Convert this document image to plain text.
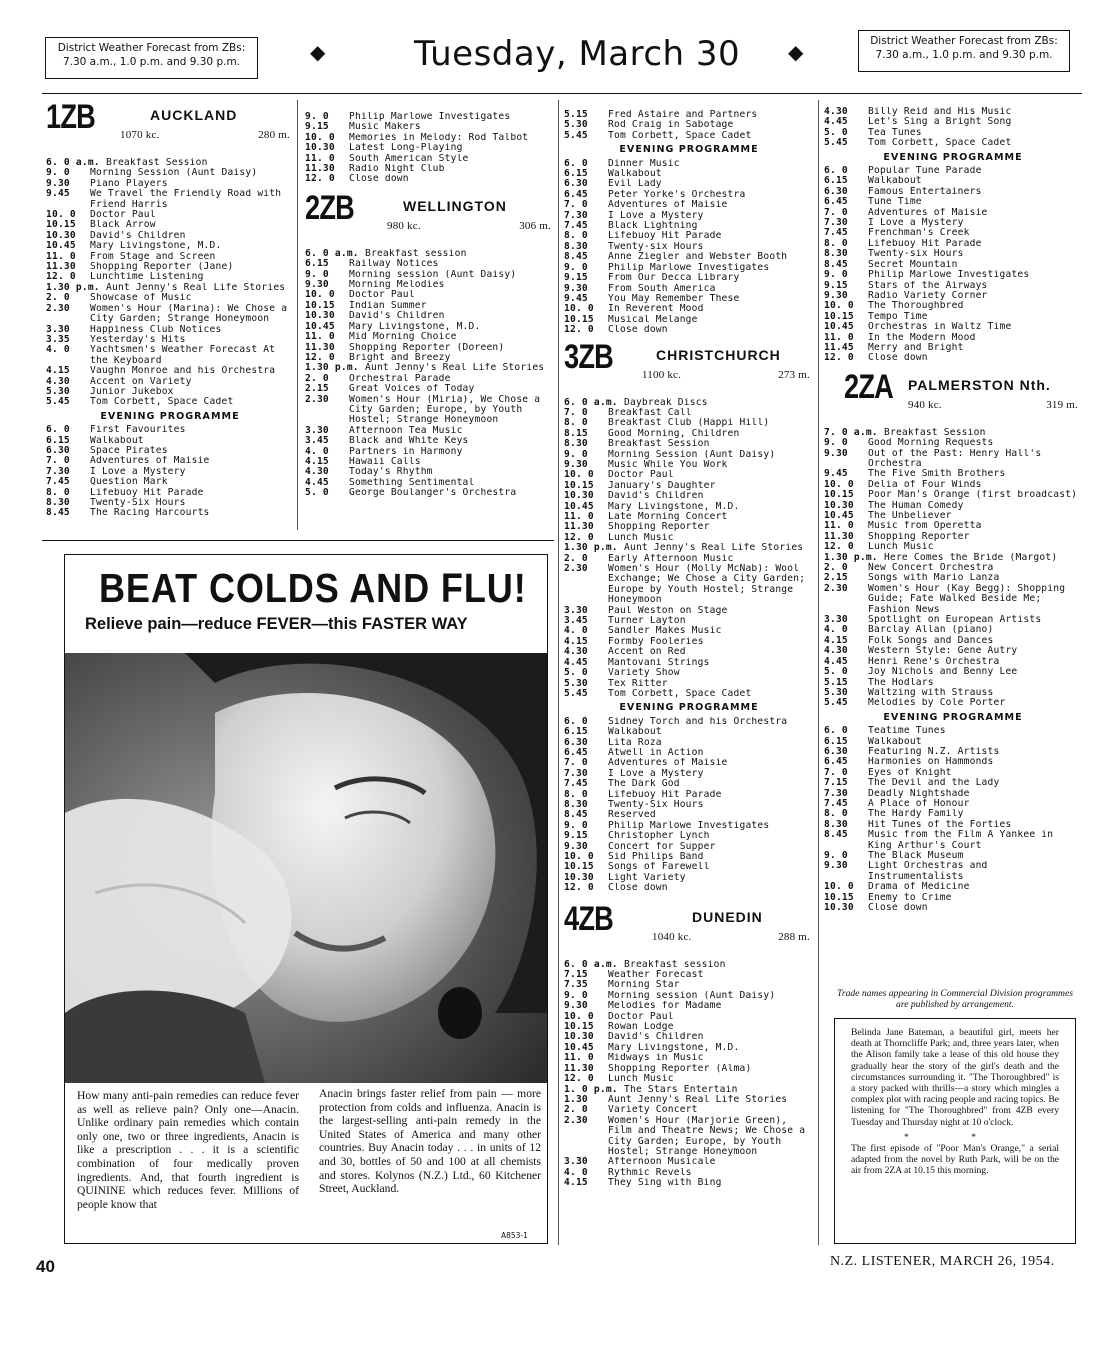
District Weather Forecast from ZBs:
7.30 a.m., 1.0 p.m. and 9.30 p.m.	◆	Tuesday, March 30 ◆	District Weather Forecast from ZBs:
7.30 a.m., 1.0 p.m. and 9.30 p.m.
1ZB	AUCKLAND
1070 kc.	280 m.
6. 0 a.m. Breakfast Session
9. 0	Morning Session (Aunt Daisy)
9.30	Piano Players
9.45	We Travel the Friendly Road with Friend Harris
10. 0	Doctor Paul
10.15	Black Arrow
10.30	David's Children
10.45	Mary Livingstone, M.D.
11. 0	From Stage and Screen
11.30	Shopping Reporter (Jane)
12. 0	Lunchtime Listening
1.30 p.m. Aunt Jenny's Real Life Stories
2. 0	Showcase of Music
2.30	Women's Hour (Marina): We Chose a City Garden; Strange Honeymoon
3.30	Happiness Club Notices
3.35	Yesterday's Hits
4. 0	Yachtsmen's Weather Forecast At the Keyboard
4.15	Vaughn Monroe and his Orchestra
4.30	Accent on Variety
5.30	Junior Jukebox
5.45	Tom Corbett, Space Cadet
EVENING PROGRAMME
6. 0	First Favourites
6.15	Walkabout
6.30	Space Pirates
7. 0	Adventures of Maisie
7.30	I Love a Mystery
7.45	Question Mark
8. 0	Lifebuoy Hit Parade
8.30	Twenty-Six Hours
8.45	The Racing Harcourts
9. 0	Philip Marlowe Investigates
9.15	Music Makers
10. 0	Memories in Melody: Rod Talbot
10.30	Latest Long-Playing
11. 0	South American Style
11.30	Radio Night Club
12. 0	Close down
2ZB	WELLINGTON
980 kc.	306 m.
6. 0 a.m. Breakfast session
6.15	Railway Notices
9. 0	Morning session (Aunt Daisy)
9.30	Morning Melodies
10. 0	Doctor Paul
10.15	Indian Summer
10.30	David's Children
10.45	Mary Livingstone, M.D.
11. 0	Mid Morning Choice
11.30	Shopping Reporter (Doreen)
12. 0	Bright and Breezy
1.30 p.m. Aunt Jenny's Real Life Stories
2. 0	Orchestral Parade
2.15	Great Voices of Today
2.30	Women's Hour (Miria), We Chose a City Garden; Europe, by Youth Hostel; Strange Honeymoon
3.30	Afternoon Tea Music
3.45	Black and White Keys
4. 0	Partners in Harmony
4.15	Hawaii Calls
4.30	Today's Rhythm
4.45	Something Sentimental
5. 0	George Boulanger's Orchestra
5.15	Fred Astaire and Partners
5.30	Rod Craig in Sabotage
5.45	Tom Corbett, Space Cadet
EVENING PROGRAMME
6. 0	Dinner Music
6.15	Walkabout
6.30	Evil Lady
6.45	Peter Yorke's Orchestra
7. 0	Adventures of Maisie
7.30	I Love a Mystery
7.45	Black Lightning
8. 0	Lifebuoy Hit Parade
8.30	Twenty-six Hours
8.45	Anne Ziegler and Webster Booth
9. 0	Philip Marlowe Investigates
9.15	From Our Decca Library
9.30	From South America
9.45	You May Remember These
10. 0	In Reverent Mood
10.15	Musical Melange
12. 0	Close down
3ZB	CHRISTCHURCH
1100 kc.	273 m.
6. 0 a.m. Daybreak Discs
7. 0	Breakfast Call
8. 0	Breakfast Club (Happi Hill)
8.15	Good Morning, Children
8.30	Breakfast Session
9. 0	Morning Session (Aunt Daisy)
9.30	Music While You Work
10. 0	Doctor Paul
10.15	January's Daughter
10.30	David's Children
10.45	Mary Livingstone, M.D.
11. 0	Late Morning Concert
11.30	Shopping Reporter
12. 0	Lunch Music
1.30 p.m. Aunt Jenny's Real Life Stories
2. 0	Early Afternoon Music
2.30	Women's Hour (Molly McNab): Wool Exchange; We Chose a City Garden; Europe by Youth Hostel; Strange Honeymoon
3.30	Paul Weston on Stage
3.45	Turner Layton
4. 0	Sandler Makes Music
4.15	Formby Fooleries
4.30	Accent on Red
4.45	Mantovani Strings
5. 0	Variety Show
5.30	Tex Ritter
5.45	Tom Corbett, Space Cadet
EVENING PROGRAMME
6. 0	Sidney Torch and his Orchestra
6.15	Walkabout
6.30	Lita Roza
6.45	Atwell in Action
7. 0	Adventures of Maisie
7.30	I Love a Mystery
7.45	The Dark God
8. 0	Lifebuoy Hit Parade
8.30	Twenty-Six Hours
8.45	Reserved
9. 0	Philip Marlowe Investigates
9.15	Christopher Lynch
9.30	Concert for Supper
10. 0	Sid Philips Band
10.15	Songs of Farewell
10.30	Light Variety
12. 0	Close down
4ZB	DUNEDIN
1040 kc.	288 m.
6. 0 a.m. Breakfast session
7.15	Weather Forecast
7.35	Morning Star
9. 0	Morning session (Aunt Daisy)
9.30	Melodies for Madame
10. 0	Doctor Paul
10.15	Rowan Lodge
10.30	David's Children
10.45	Mary Livingstone, M.D.
11. 0	Midways in Music
11.30	Shopping Reporter (Alma)
12. 0	Lunch Music
1. 0 p.m. The Stars Entertain
1.30	Aunt Jenny's Real Life Stories
2. 0	Variety Concert
2.30	Women's Hour (Marjorie Green), Film and Theatre News; We Chose a City Garden; Europe, by Youth Hostel; Strange Honeymoon
3.30	Afternoon Musicale
4. 0	Rythmic Revels
4.15	They Sing with Bing
4.30	Billy Reid and His Music
4.45	Let's Sing a Bright Song
5. 0	Tea Tunes
5.45	Tom Corbett, Space Cadet
EVENING PROGRAMME
6. 0	Popular Tune Parade
6.15	Walkabout
6.30	Famous Entertainers
6.45	Tune Time
7. 0	Adventures of Maisie
7.30	I Love a Mystery
7.45	Frenchman's Creek
8. 0	Lifebuoy Hit Parade
8.30	Twenty-six Hours
8.45	Secret Mountain
9. 0	Philip Marlowe Investigates
9.15	Stars of the Airways
9.30	Radio Variety Corner
10. 0	The Thoroughbred
10.15	Tempo Time
10.45	Orchestras in Waltz Time
11. 0	In the Modern Mood
11.45	Merry and Bright
12. 0	Close down
2ZA PALMERSTON Nth.
940 kc.	319 m.
7. 0 a.m. Breakfast Session
9. 0	Good Morning Requests
9.30	Out of the Past: Henry Hall's Orchestra
9.45	The Five Smith Brothers
10. 0	Delia of Four Winds
10.15	Poor Man's Orange (first broadcast)
10.30	The Human Comedy
10.45	The Unbeliever
11. 0	Music from Operetta
11.30	Shopping Reporter
12. 0	Lunch Music
1.30 p.m. Here Comes the Bride (Margot)
2. 0	New Concert Orchestra
2.15	Songs with Mario Lanza
2.30	Women's Hour (Kay Begg): Shopping Guide; Fate Walked Beside Me; Fashion News
3.30	Spotlight on European Artists
4. 0	Barclay Allan (piano)
4.15	Folk Songs and Dances
4.30	Western Style: Gene Autry
4.45	Henri Rene's Orchestra
5. 0	Joy Nichols and Benny Lee
5.15	The Hodlars
5.30	Waltzing with Strauss
5.45	Melodies by Cole Porter
EVENING PROGRAMME
6. 0	Teatime Tunes
6.15	Walkabout
6.30	Featuring N.Z. Artists
6.45	Harmonies on Hammonds
7. 0	Eyes of Knight
7.15	The Devil and the Lady
7.30	Deadly Nightshade
7.45	A Place of Honour
8. 0	The Hardy Family
8.30	Hit Tunes of the Forties
8.45	Music from the Film A Yankee in King Arthur's Court
9. 0	The Black Museum
9.30	Light Orchestras and Instrumentalists
10. 0	Drama of Medicine
10.15	Enemy to Crime
10.30	Close down
Trade names appearing in Commercial Division programmes are published by arrangement.

Belinda Jane Bateman, a beautiful girl, meets her death at Thorncliffe Park; and, three years later, when the Alison family take a lease of this old house they gradually hear the story of the girl's death and the circumstances surrounding it. "The Thoroughbred" is a story packed with thrills—a story which mingles a complex plot with racing people and racing topics. Be listening for "The Thoroughbred" from 4ZB every Tuesday and Thursday night at 10 o'clock.

* *

The first episode of "Poor Man's Orange," a serial adapted from the novel by Ruth Park, will be on the air from 2ZA at 10.15 this morning.

BEAT COLDS AND FLU!
Relieve pain—reduce FEVER—this FASTER WAY
How many anti-pain remedies can reduce fever as well as relieve pain? Only one—Anacin. Unlike ordinary pain remedies which contain only one, two or three ingredients, Anacin is like a prescription . . . it is a scientific combination of four medically proven ingredients. And, that fourth ingredient is QUININE which reduces fever. Millions of people know that
Anacin brings faster relief from pain — more protection from colds and influenza. Anacin is the largest-selling anti-pain remedy in the United States of America and many other countries. Buy Anacin today . . . in units of 12 and 30, bottles of 50 and 100 at all chemists and stores. Kolynos (N.Z.) Ltd., 60 Kitchener Street, Auckland.
A853-1
40	N.Z. LISTENER, MARCH 26, 1954.
